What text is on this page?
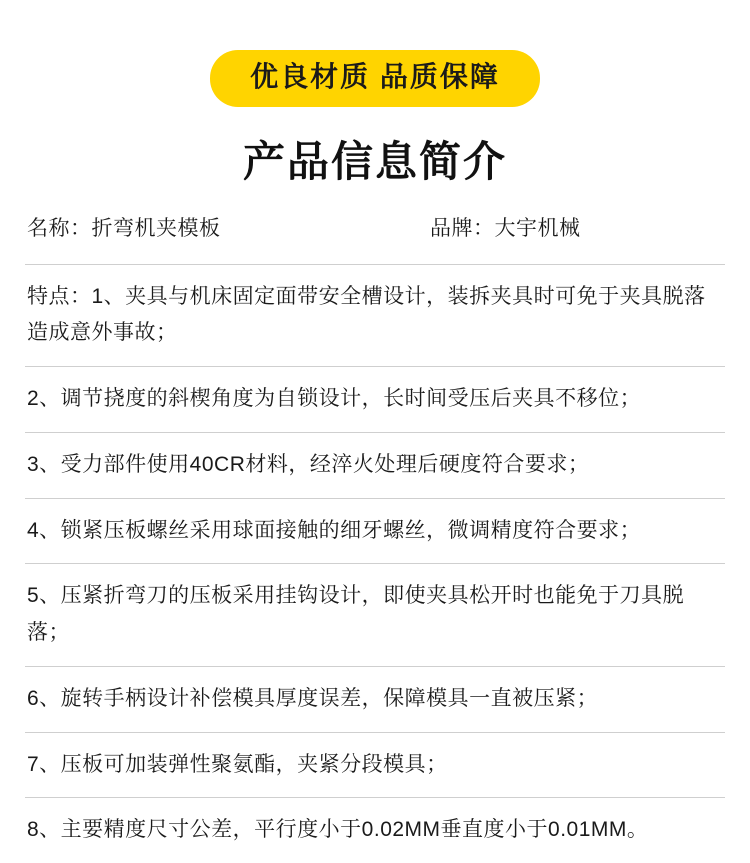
优良材质 品质保障
产品信息简介
名称：折弯机夹模板	品牌：大宇机械
特点：1、夹具与机床固定面带安全槽设计，装拆夹具时可免于夹具脱落造成意外事故；
2、调节挠度的斜楔角度为自锁设计，长时间受压后夹具不移位；
3、受力部件使用40CR材料，经淬火处理后硬度符合要求；
4、锁紧压板螺丝采用球面接触的细牙螺丝，微调精度符合要求；
5、压紧折弯刀的压板采用挂钩设计，即使夹具松开时也能免于刀具脱落；
6、旋转手柄设计补偿模具厚度误差，保障模具一直被压紧；
7、压板可加装弹性聚氨酯，夹紧分段模具；
8、主要精度尺寸公差，平行度小于0.02MM垂直度小于0.01MM。
